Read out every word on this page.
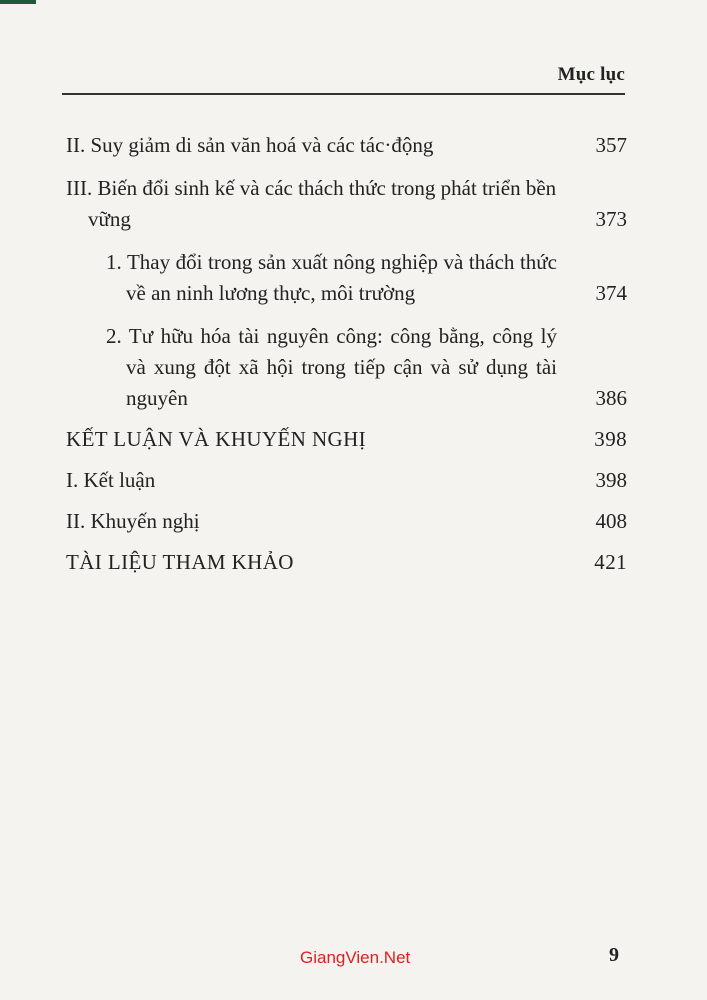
Mục lục
II. Suy giảm di sản văn hoá và các tác·động	357
III. Biến đổi sinh kế và các thách thức trong phát triển bền vững	373
1. Thay đổi trong sản xuất nông nghiệp và thách thức về an ninh lương thực, môi trường	374
2. Tư hữu hóa tài nguyên công: công bằng, công lý và xung đột xã hội trong tiếp cận và sử dụng tài nguyên	386
KẾT LUẬN VÀ KHUYẾN NGHỊ	398
I. Kết luận	398
II. Khuyến nghị	408
TÀI LIỆU THAM KHẢO	421
GiangVien.Net	9
